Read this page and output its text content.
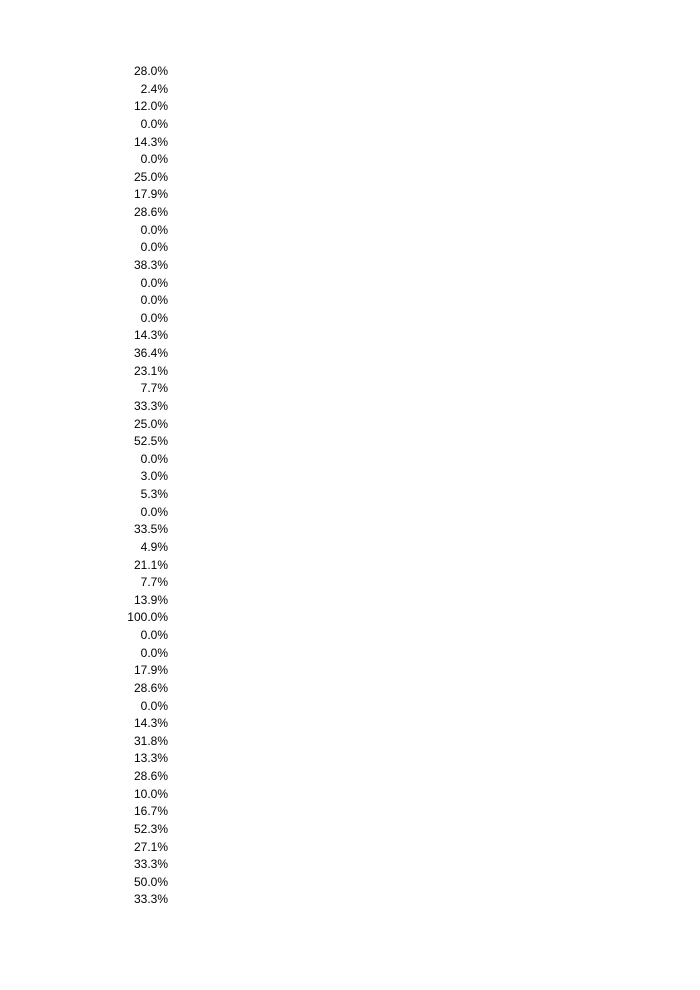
28.0%
2.4%
12.0%
0.0%
14.3%
0.0%
25.0%
17.9%
28.6%
0.0%
0.0%
38.3%
0.0%
0.0%
0.0%
14.3%
36.4%
23.1%
7.7%
33.3%
25.0%
52.5%
0.0%
3.0%
5.3%
0.0%
33.5%
4.9%
21.1%
7.7%
13.9%
100.0%
0.0%
0.0%
17.9%
28.6%
0.0%
14.3%
31.8%
13.3%
28.6%
10.0%
16.7%
52.3%
27.1%
33.3%
50.0%
33.3%
